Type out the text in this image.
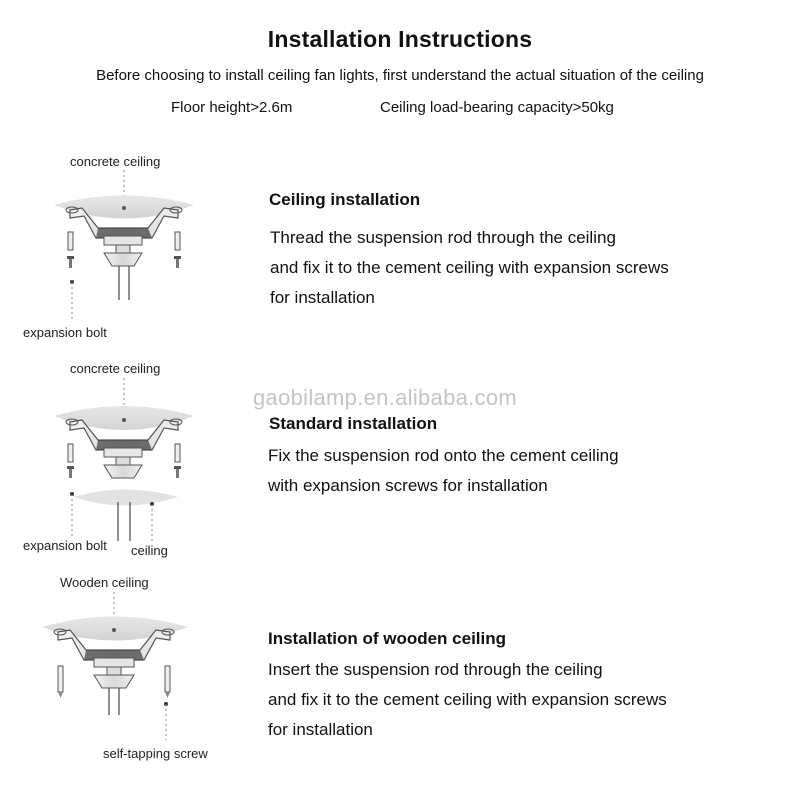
Installation Instructions
Before choosing to install ceiling fan lights, first understand the actual situation of the ceiling
Floor height>2.6m	Ceiling load-bearing capacity>50kg
concrete ceiling
expansion bolt
Ceiling installation
Thread the suspension rod through the ceiling
and fix it to the cement ceiling with expansion screws
for installation
gaobilamp.en.alibaba.com
concrete ceiling
expansion bolt ceiling
Standard installation
Fix the suspension rod onto the cement ceiling
with expansion screws for installation
Wooden ceiling
self-tapping screw
Installation of wooden ceiling
Insert the suspension rod through the ceiling
and fix it to the cement ceiling with expansion screws
for installation
